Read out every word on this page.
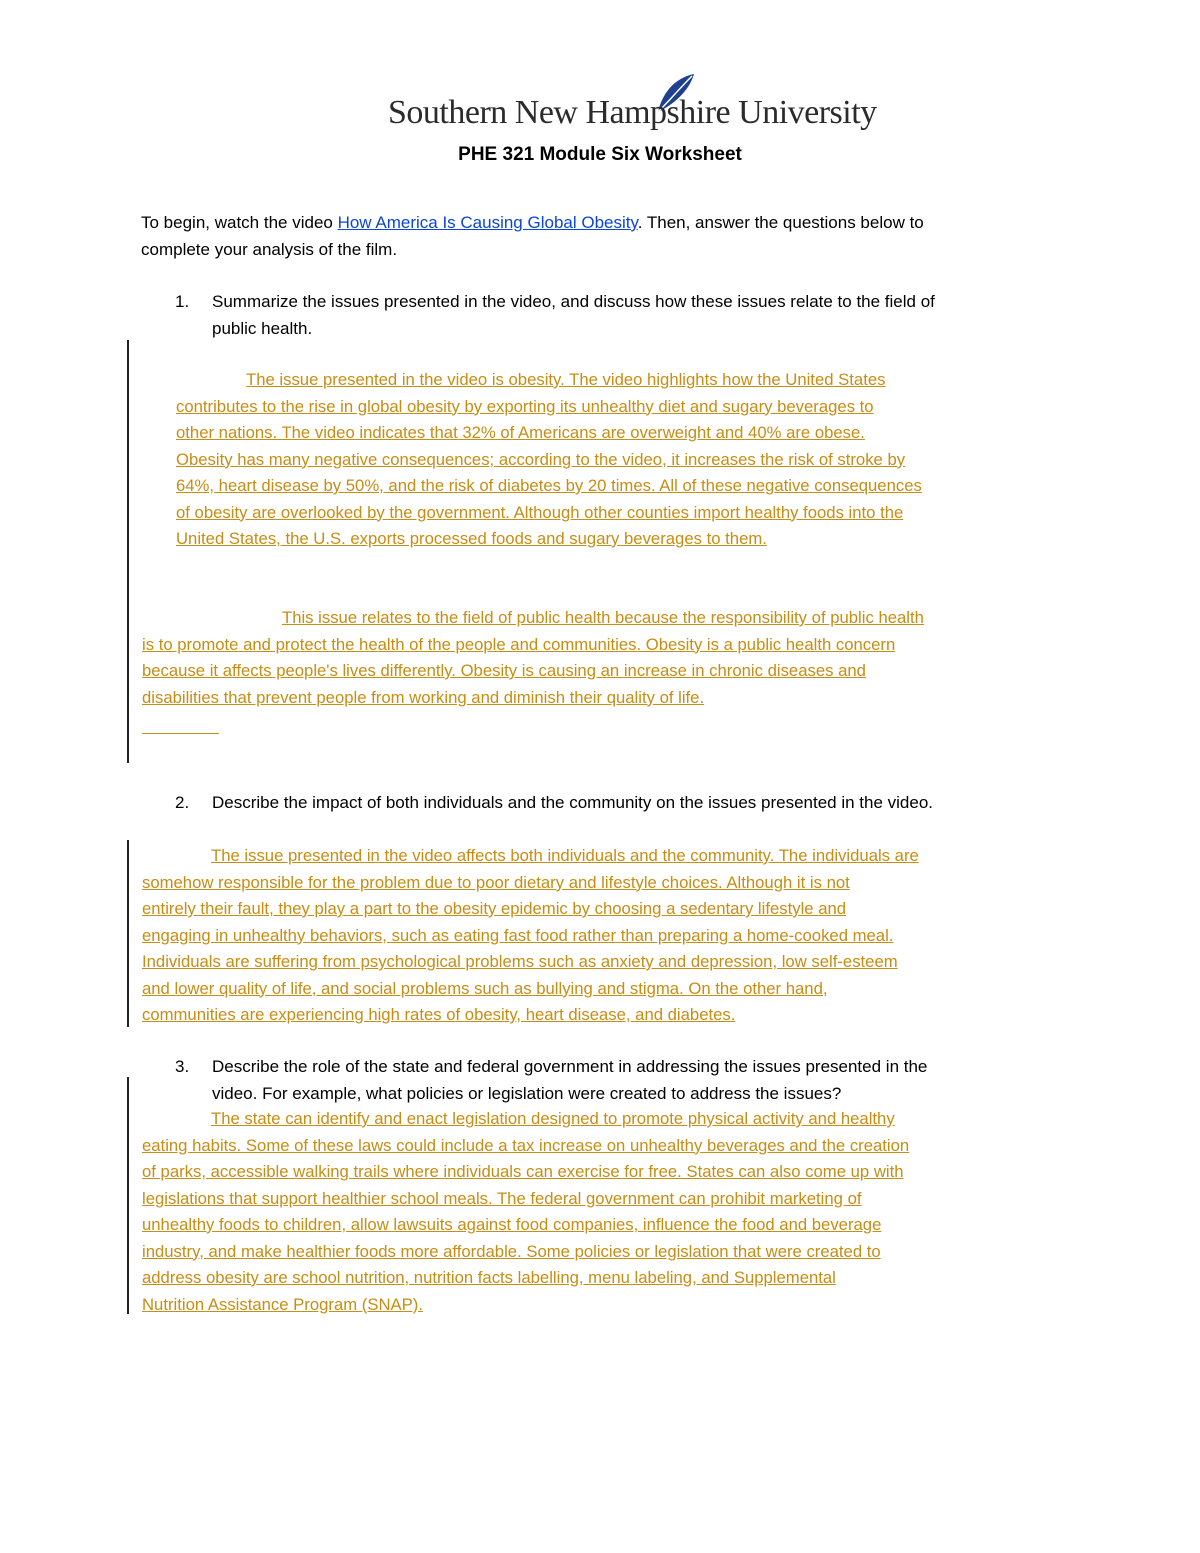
Southern New Hampshire University
PHE 321 Module Six Worksheet
To begin, watch the video How America Is Causing Global Obesity. Then, answer the questions below to
complete your analysis of the film.
1. Summarize the issues presented in the video, and discuss how these issues relate to the field of
public health.
The issue presented in the video is obesity. The video highlights how the United States
contributes to the rise in global obesity by exporting its unhealthy diet and sugary beverages to
other nations. The video indicates that 32% of Americans are overweight and 40% are obese.
Obesity has many negative consequences; according to the video, it increases the risk of stroke by
64%, heart disease by 50%, and the risk of diabetes by 20 times. All of these negative consequences
of obesity are overlooked by the government. Although other counties import healthy foods into the
United States, the U.S. exports processed foods and sugary beverages to them.
This issue relates to the field of public health because the responsibility of public health
is to promote and protect the health of the people and communities. Obesity is a public health concern
because it affects people's lives differently. Obesity is causing an increase in chronic diseases and
disabilities that prevent people from working and diminish their quality of life.
2. Describe the impact of both individuals and the community on the issues presented in the video.
The issue presented in the video affects both individuals and the community. The individuals are
somehow responsible for the problem due to poor dietary and lifestyle choices. Although it is not
entirely their fault, they play a part to the obesity epidemic by choosing a sedentary lifestyle and
engaging in unhealthy behaviors, such as eating fast food rather than preparing a home-cooked meal.
Individuals are suffering from psychological problems such as anxiety and depression, low self-esteem
and lower quality of life, and social problems such as bullying and stigma. On the other hand,
communities are experiencing high rates of obesity, heart disease, and diabetes.
3. Describe the role of the state and federal government in addressing the issues presented in the
video. For example, what policies or legislation were created to address the issues?
The state can identify and enact legislation designed to promote physical activity and healthy
eating habits. Some of these laws could include a tax increase on unhealthy beverages and the creation
of parks, accessible walking trails where individuals can exercise for free. States can also come up with
legislations that support healthier school meals. The federal government can prohibit marketing of
unhealthy foods to children, allow lawsuits against food companies, influence the food and beverage
industry, and make healthier foods more affordable. Some policies or legislation that were created to
address obesity are school nutrition, nutrition facts labelling, menu labeling, and Supplemental
Nutrition Assistance Program (SNAP).
